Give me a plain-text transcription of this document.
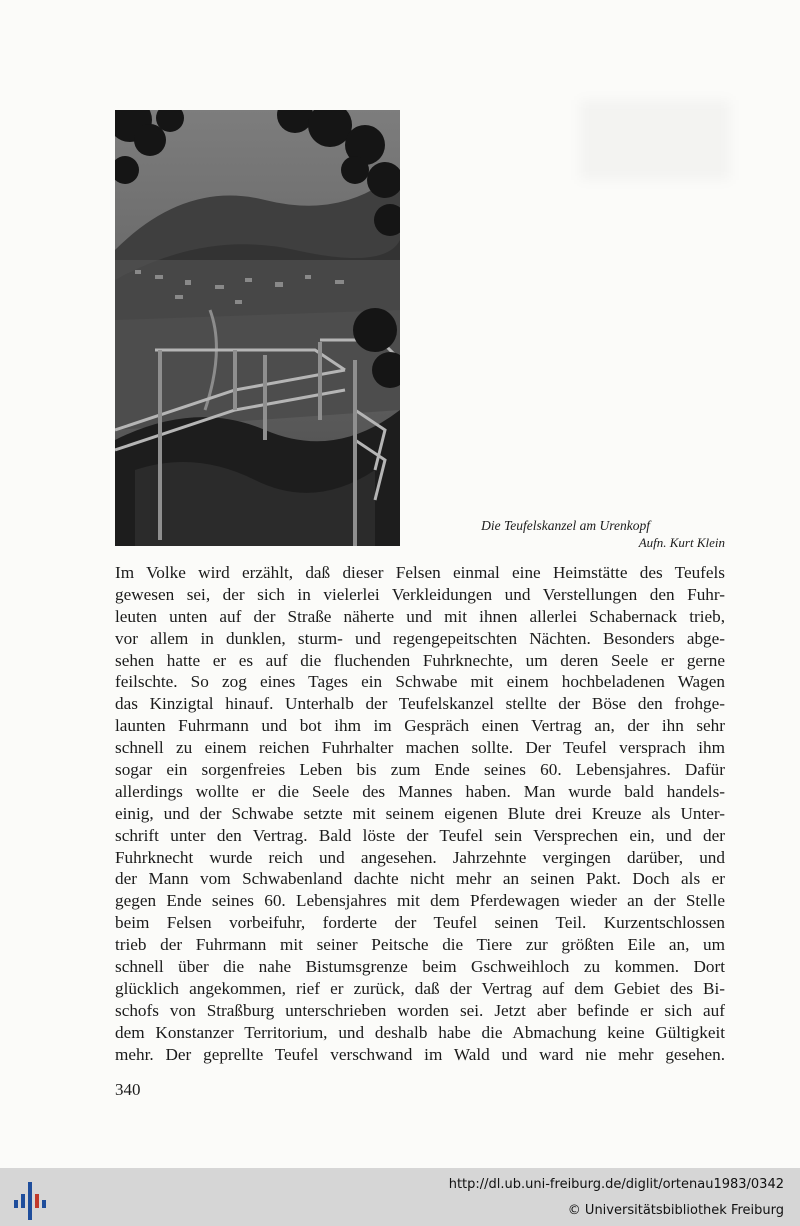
Die Teufelskanzel am Urenkopf
Aufn. Kurt Klein
Im Volke wird erzählt, daß dieser Felsen einmal eine Heimstätte des Teufels
gewesen sei, der sich in vielerlei Verkleidungen und Verstellungen den Fuhr-
leuten unten auf der Straße näherte und mit ihnen allerlei Schabernack trieb,
vor allem in dunklen, sturm- und regengepeitschten Nächten. Besonders abge-
sehen hatte er es auf die fluchenden Fuhrknechte, um deren Seele er gerne
feilschte. So zog eines Tages ein Schwabe mit einem hochbeladenen Wagen
das Kinzigtal hinauf. Unterhalb der Teufelskanzel stellte der Böse den frohge-
launten Fuhrmann und bot ihm im Gespräch einen Vertrag an, der ihn sehr
schnell zu einem reichen Fuhrhalter machen sollte. Der Teufel versprach ihm
sogar ein sorgenfreies Leben bis zum Ende seines 60. Lebensjahres. Dafür
allerdings wollte er die Seele des Mannes haben. Man wurde bald handels-
einig, und der Schwabe setzte mit seinem eigenen Blute drei Kreuze als Unter-
schrift unter den Vertrag. Bald löste der Teufel sein Versprechen ein, und der
Fuhrknecht wurde reich und angesehen. Jahrzehnte vergingen darüber, und
der Mann vom Schwabenland dachte nicht mehr an seinen Pakt. Doch als er
gegen Ende seines 60. Lebensjahres mit dem Pferdewagen wieder an der Stelle
beim Felsen vorbeifuhr, forderte der Teufel seinen Teil. Kurzentschlossen
trieb der Fuhrmann mit seiner Peitsche die Tiere zur größten Eile an, um
schnell über die nahe Bistumsgrenze beim Gschweihloch zu kommen. Dort
glücklich angekommen, rief er zurück, daß der Vertrag auf dem Gebiet des Bi-
schofs von Straßburg unterschrieben worden sei. Jetzt aber befinde er sich auf
dem Konstanzer Territorium, und deshalb habe die Abmachung keine Gültigkeit
mehr. Der geprellte Teufel verschwand im Wald und ward nie mehr gesehen.
340
http://dl.ub.uni-freiburg.de/diglit/ortenau1983/0342
© Universitätsbibliothek Freiburg
